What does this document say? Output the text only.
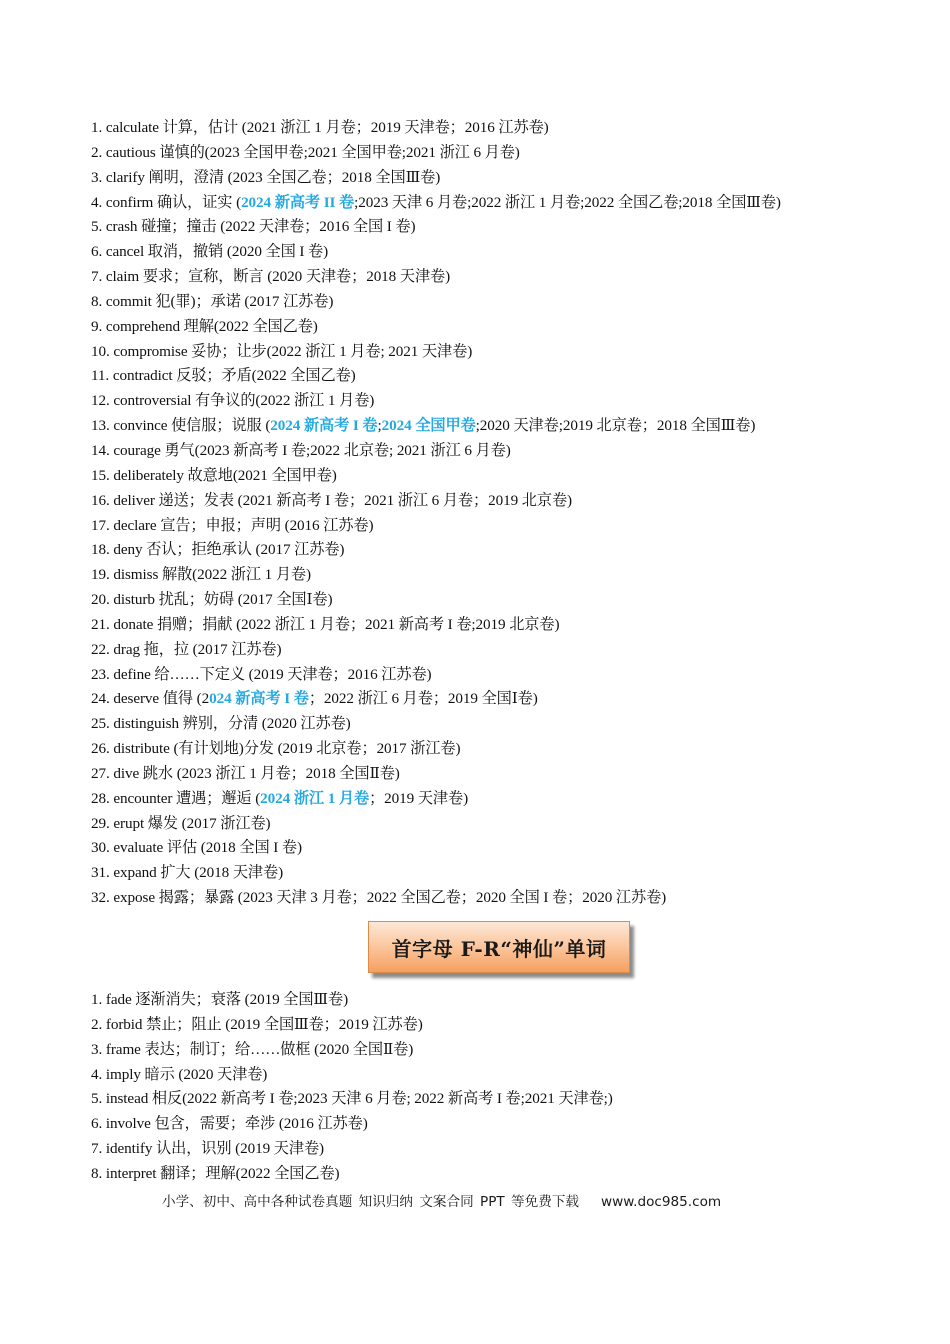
1. calculate 计算，估计 (2021 浙江 1 月卷；2019 天津卷；2016 江苏卷)
2. cautious 谨慎的(2023 全国甲卷;2021 全国甲卷;2021 浙江 6 月卷)
3. clarify 阐明，澄清 (2023 全国乙卷；2018 全国Ⅲ卷)
4. confirm 确认，证实 (2024 新高考 II 卷;2023 天津 6 月卷;2022 浙江 1 月卷;2022 全国乙卷;2018 全国Ⅲ卷)
5. crash 碰撞；撞击 (2022 天津卷；2016 全国 I 卷)
6. cancel 取消，撤销 (2020 全国 I 卷)
7. claim 要求；宣称，断言 (2020 天津卷；2018 天津卷)
8. commit 犯(罪)；承诺 (2017 江苏卷)
9. comprehend 理解(2022 全国乙卷)
10. compromise 妥协；让步(2022 浙江 1 月卷; 2021 天津卷)
11. contradict 反驳；矛盾(2022 全国乙卷)
12. controversial 有争议的(2022 浙江 1 月卷)
13. convince 使信服；说服 (2024 新高考 I 卷;2024 全国甲卷;2020 天津卷;2019 北京卷；2018 全国Ⅲ卷)
14. courage 勇气(2023 新高考 I 卷;2022 北京卷; 2021 浙江 6 月卷)
15. deliberately 故意地(2021 全国甲卷)
16. deliver 递送；发表 (2021 新高考 I 卷；2021 浙江 6 月卷；2019 北京卷)
17. declare 宣告；申报；声明 (2016 江苏卷)
18. deny 否认；拒绝承认 (2017 江苏卷)
19. dismiss 解散(2022 浙江 1 月卷)
20. disturb 扰乱；妨碍 (2017 全国Ⅰ卷)
21. donate 捐赠；捐献 (2022 浙江 1 月卷；2021 新高考 I 卷;2019 北京卷)
22. drag 拖，拉 (2017 江苏卷)
23. define 给……下定义 (2019 天津卷；2016 江苏卷)
24. deserve 值得 (2024 新高考 I 卷；2022 浙江 6 月卷；2019 全国Ⅰ卷)
25. distinguish 辨别，分清 (2020 江苏卷)
26. distribute (有计划地)分发 (2019 北京卷；2017 浙江卷)
27. dive 跳水 (2023 浙江 1 月卷；2018 全国Ⅱ卷)
28. encounter 遭遇；邂逅 (2024 浙江 1 月卷；2019 天津卷)
29. erupt 爆发 (2017 浙江卷)
30. evaluate 评估 (2018 全国 I 卷)
31. expand 扩大 (2018 天津卷)
32. expose 揭露；暴露 (2023 天津 3 月卷；2022 全国乙卷；2020 全国 I 卷；2020 江苏卷)
首字母 F-R“神仙”单词
1. fade 逐渐消失；衰落 (2019 全国Ⅲ卷)
2. forbid 禁止；阻止 (2019 全国Ⅲ卷；2019 江苏卷)
3. frame 表达；制订；给……做框 (2020 全国Ⅱ卷)
4. imply 暗示 (2020 天津卷)
5. instead 相反(2022 新高考 I 卷;2023 天津 6 月卷; 2022 新高考 I 卷;2021 天津卷;)
6. involve 包含，需要；牵涉 (2016 江苏卷)
7. identify 认出，识别 (2019 天津卷)
8. interpret 翻译；理解(2022 全国乙卷)
小学、初中、高中各种试卷真题 知识归纳 文案合同 PPT 等免费下载 www.doc985.com
